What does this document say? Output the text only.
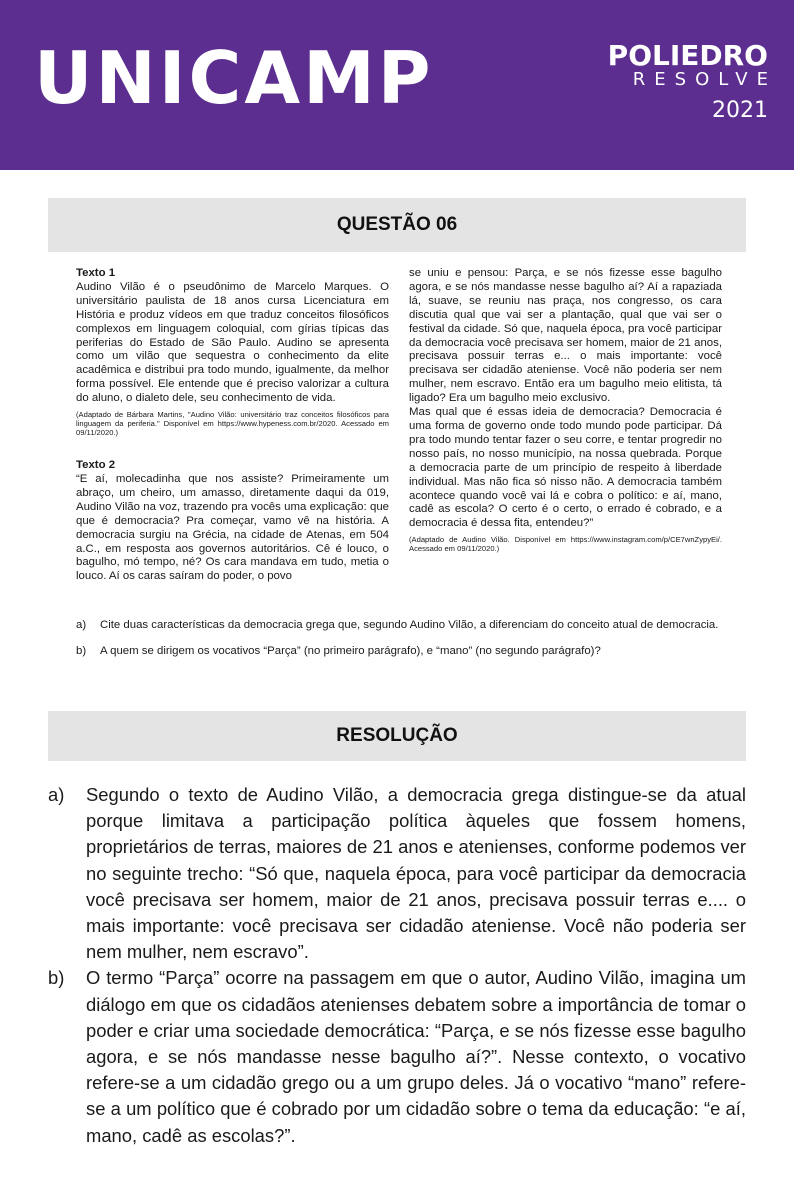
UNICAMP	POLIEDRO
RESOLVE
2021
QUESTÃO 06

Texto 1

Audino Vilão é o pseudônimo de Marcelo Marques. O universitário paulista de 18 anos cursa Licenciatura em História e produz vídeos em que traduz conceitos filosóficos complexos em linguagem coloquial, com gírias típicas das periferias do Estado de São Paulo. Audino se apresenta como um vilão que sequestra o conhecimento da elite acadêmica e distribui pra todo mundo, igualmente, da melhor forma possível. Ele entende que é preciso valorizar a cultura do aluno, o dialeto dele, seu conhecimento de vida.

(Adaptado de Bárbara Martins, "Audino Vilão: universitário traz conceitos filosóficos para linguagem da periferia." Disponível em https://www.hypeness.com.br/2020. Acessado em 09/11/2020.)

Texto 2

“E aí, molecadinha que nos assiste? Primeiramente um abraço, um cheiro, um amasso, diretamente daqui da 019, Audino Vilão na voz, trazendo pra vocês uma explicação: que que é democracia? Pra começar, vamo vê na história. A democracia surgiu na Grécia, na cidade de Atenas, em 504 a.C., em resposta aos governos autoritários. Cê é louco, o bagulho, mó tempo, né? Os cara mandava em tudo, metia o louco. Aí os caras saíram do poder, o povo

se uniu e pensou: Parça, e se nós fizesse esse bagulho agora, e se nós mandasse nesse bagulho aí? Aí a rapaziada lá, suave, se reuniu nas praça, nos congresso, os cara discutia qual que vai ser a plantação, qual que vai ser o festival da cidade. Só que, naquela época, pra você participar da democracia você precisava ser homem, maior de 21 anos, precisava possuir terras e... o mais importante: você precisava ser cidadão ateniense. Você não poderia ser nem mulher, nem escravo. Então era um bagulho meio elitista, tá ligado? Era um bagulho meio exclusivo.

Mas qual que é essas ideia de democracia? Democracia é uma forma de governo onde todo mundo pode participar. Dá pra todo mundo tentar fazer o seu corre, e tentar progredir no nosso país, no nosso município, na nossa quebrada. Porque a democracia parte de um princípio de respeito à liberdade individual. Mas não fica só nisso não. A democracia também acontece quando você vai lá e cobra o político: e aí, mano, cadê as escola? O certo é o certo, o errado é cobrado, e a democracia é dessa fita, entendeu?”

(Adaptado de Audino Vilão. Disponível em https://www.instagram.com/p/CE7wnZypyEi/. Acessado em 09/11/2020.)

a)	Cite duas características da democracia grega que, segundo Audino Vilão, a diferenciam do conceito atual de democracia.
b)	A quem se dirigem os vocativos “Parça” (no primeiro parágrafo), e “mano” (no segundo parágrafo)?
RESOLUÇÃO
a)	Segundo o texto de Audino Vilão, a democracia grega distingue-se da atual porque limitava a participação política àqueles que fossem homens, proprietários de terras, maiores de 21 anos e atenienses, conforme podemos ver no seguinte trecho: “Só que, naquela época, para você participar da democracia você precisava ser homem, maior de 21 anos, precisava possuir terras e.... o mais importante: você precisava ser cidadão ateniense. Você não poderia ser nem mulher, nem escravo”.
b)	O termo “Parça” ocorre na passagem em que o autor, Audino Vilão, imagina um diálogo em que os cidadãos atenienses debatem sobre a importância de tomar o poder e criar uma sociedade democrática: “Parça, e se nós fizesse esse bagulho agora, e se nós mandasse nesse bagulho aí?”. Nesse contexto, o vocativo refere-se a um cidadão grego ou a um grupo deles. Já o vocativo “mano” refere-se a um político que é cobrado por um cidadão sobre o tema da educação: “e aí, mano, cadê as escolas?”.
